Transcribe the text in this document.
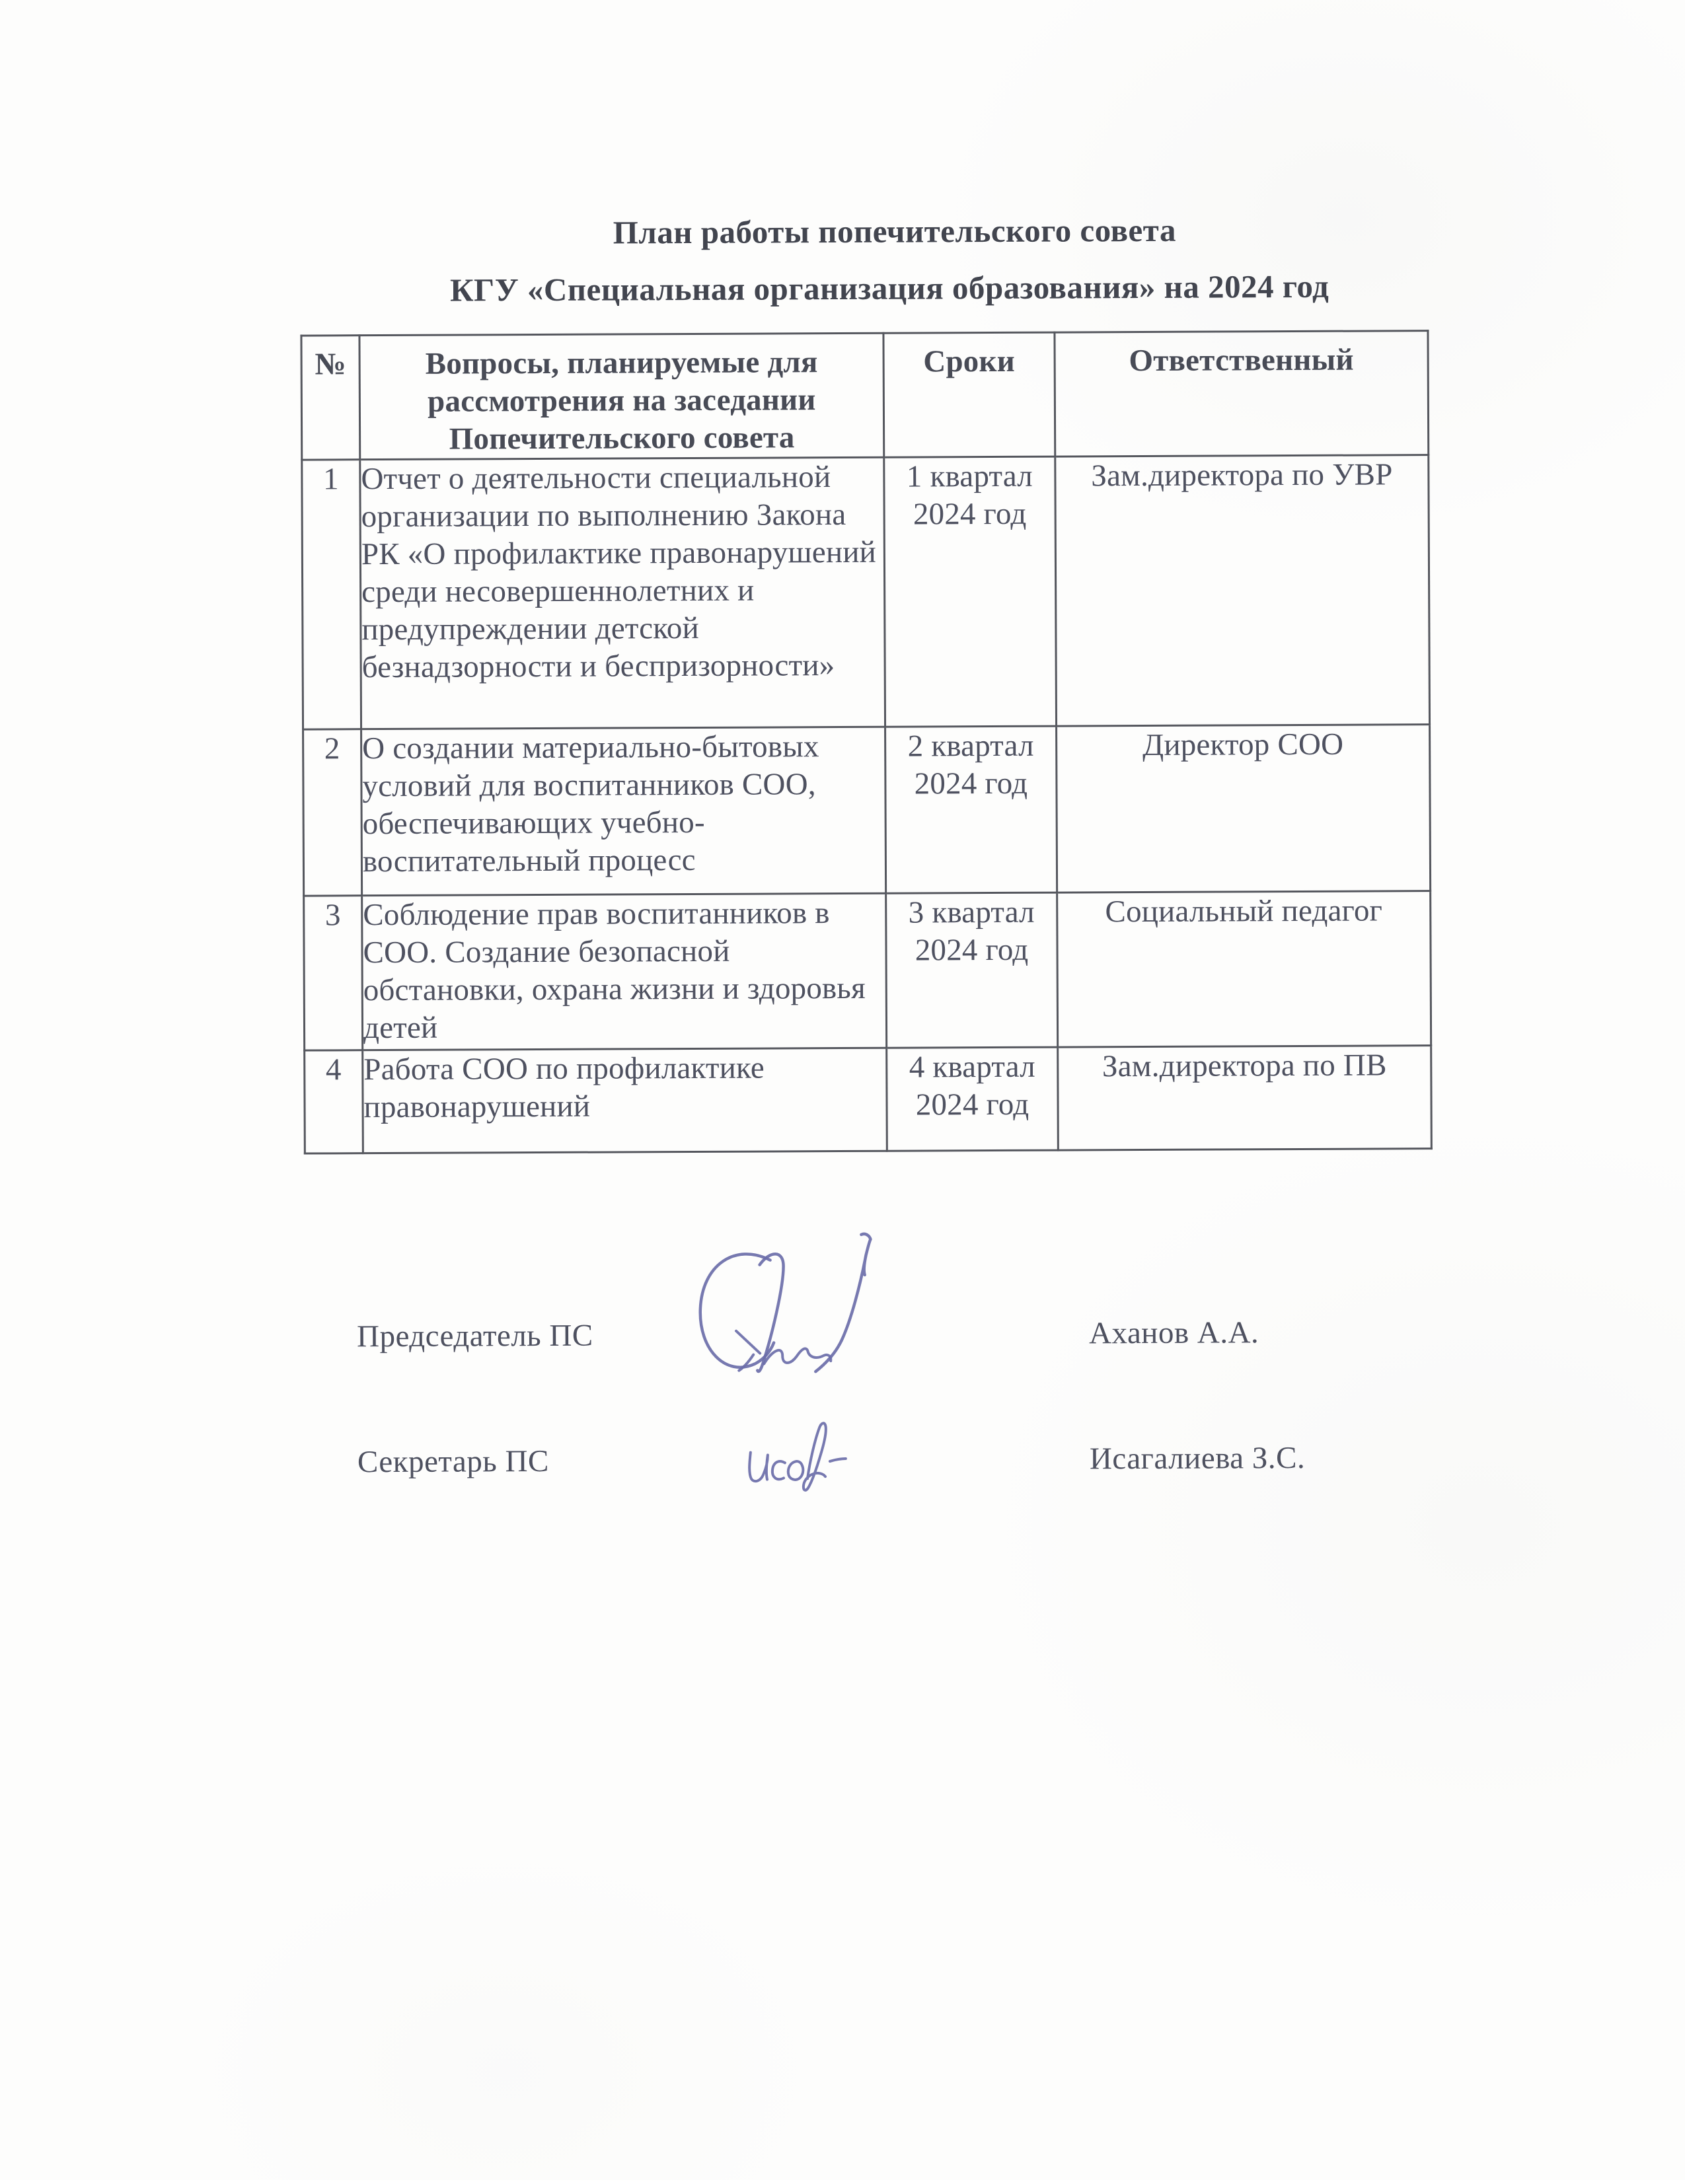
План работы попечительского совета
КГУ «Специальная организация образования» на 2024 год
№	Вопросы, планируемые для рассмотрения на заседании Попечительского совета	Сроки	Ответственный
1	Отчет о деятельности специальной организации по выполнению Закона РК «О профилактике правонарушений среди несовершеннолетних и предупреждении детской безнадзорности и беспризорности»	1 квартал 2024 год	Зам.директора по УВР
2	О создании материально-бытовых условий для воспитанников СОО, обеспечивающих учебно-воспитательный процесс	2 квартал 2024 год	Директор СОО
3	Соблюдение прав воспитанников в СОО. Создание безопасной обстановки, охрана жизни и здоровья детей	3 квартал 2024 год	Социальный педагог
4	Работа СОО по профилактике правонарушений	4 квартал 2024 год	Зам.директора по ПВ
Председатель ПС	Аханов А.А.
Секретарь ПС	Исагалиева З.С.
